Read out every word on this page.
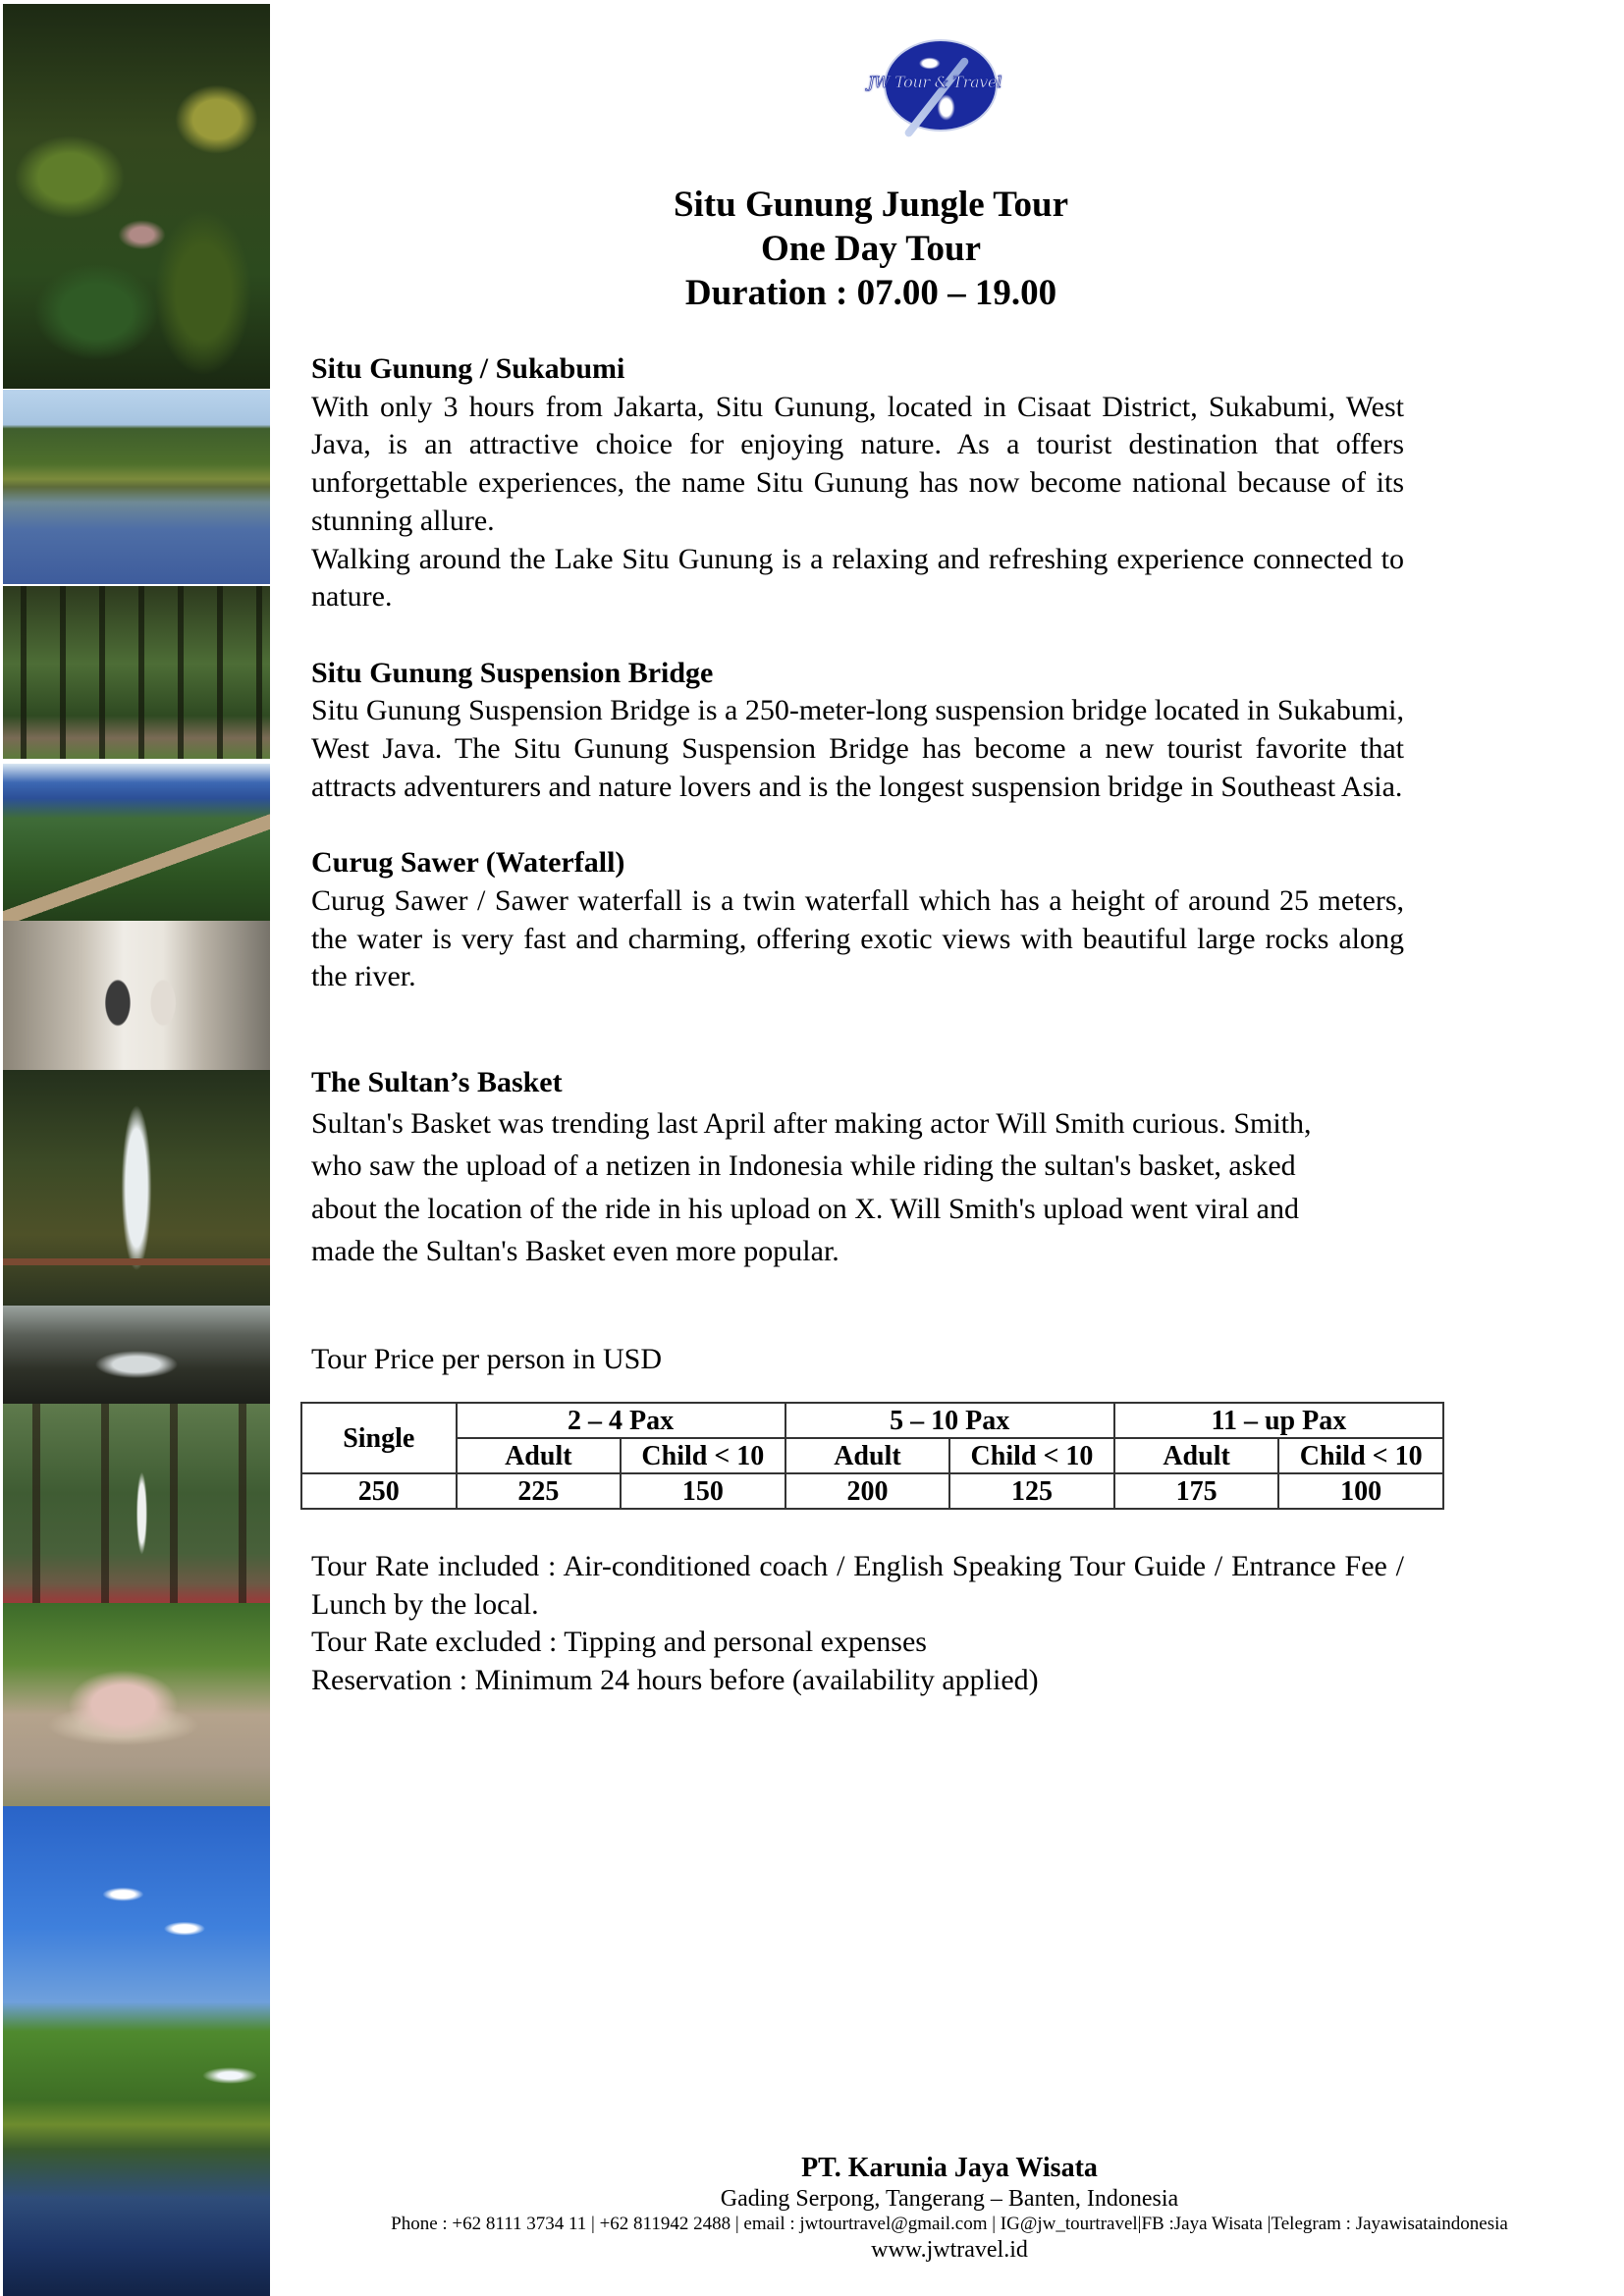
JW Tour & Travel
Situ Gunung Jungle Tour
One Day Tour
Duration : 07.00 – 19.00

Situ Gunung / Sukabumi

With only 3 hours from Jakarta, Situ Gunung, located in Cisaat District, Sukabumi, West Java, is an attractive choice for enjoying nature. As a tourist destination that offers unforgettable experiences, the name Situ Gunung has now become national because of its stunning allure.

Walking around the Lake Situ Gunung is a relaxing and refreshing experience connected to nature.

Situ Gunung Suspension Bridge

Situ Gunung Suspension Bridge is a 250-meter-long suspension bridge located in Sukabumi, West Java. The Situ Gunung Suspension Bridge has become a new tourist favorite that attracts adventurers and nature lovers and is the longest suspension bridge in Southeast Asia.

Curug Sawer (Waterfall)

Curug Sawer / Sawer waterfall is a twin waterfall which has a height of around 25 meters, the water is very fast and charming, offering exotic views with beautiful large rocks along the river.

The Sultan’s Basket

Sultan's Basket was trending last April after making actor Will Smith curious. Smith,

who saw the upload of a netizen in Indonesia while riding the sultan's basket, asked

about the location of the ride in his upload on X. Will Smith's upload went viral and

made the Sultan's Basket even more popular.

Tour Price per person in USD
Single	2 – 4 Pax		5 – 10 Pax		11 – up Pax	
	Adult	Child < 10	Adult	Child < 10	Adult	Child < 10
250	225	150	200	125	175	100

Tour Rate included : Air-conditioned coach / English Speaking Tour Guide / Entrance Fee / Lunch by the local.

Tour Rate excluded : Tipping and personal expenses

Reservation : Minimum 24 hours before (availability applied)

PT. Karunia Jaya Wisata
Gading Serpong, Tangerang – Banten, Indonesia
Phone : +62 8111 3734 11 | +62 811942 2488 | email : jwtourtravel@gmail.com | IG@jw_tourtravel|FB :Jaya Wisata |Telegram : Jayawisataindonesia
www.jwtravel.id
